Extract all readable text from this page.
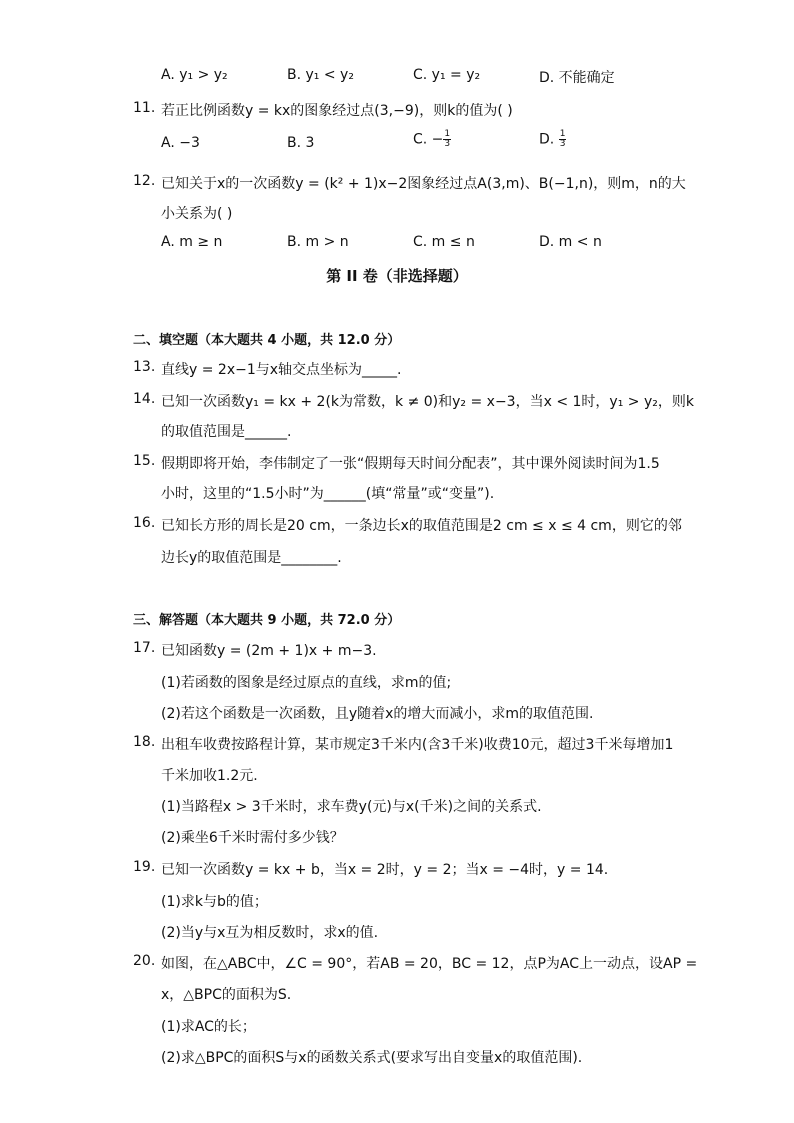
A. y₁ > y₂	B. y₁ < y₂	C. y₁ = y₂	D. 不能确定
11. 若正比例函数y = kx的图象经过点(3,−9)，则k的值为( )
A. −3	B. 3	C. − $\frac{1}{3}$	D. $\frac{1}{3}$
12. 已知关于x的一次函数y = (k² + 1)x−2图象经过点A(3,m)、B(−1,n)，则m，n的大
小关系为( )
A. m ≥ n	B. m > n	C. m ≤ n	D. m < n
第 II 卷（非选择题）
二、填空题（本大题共 4 小题，共 12.0 分）
13. 直线y = 2x−1与x轴交点坐标为_____.
14. 已知一次函数y₁ = kx + 2(k为常数，k ≠ 0)和y₂ = x−3，当x < 1时，y₁ > y₂，则k
的取值范围是______.
15. 假期即将开始，李伟制定了一张“假期每天时间分配表”，其中课外阅读时间为1.5
小时，这里的“1.5小时”为______(填“常量”或“变量”).
16. 已知长方形的周长是20 cm，一条边长x的取值范围是2 cm ≤ x ≤ 4 cm，则它的邻
边长y的取值范围是________.
三、解答题（本大题共 9 小题，共 72.0 分）
17. 已知函数y = (2m + 1)x + m−3.
(1)若函数的图象是经过原点的直线，求m的值;
(2)若这个函数是一次函数，且y随着x的增大而减小，求m的取值范围.
18. 出租车收费按路程计算，某市规定3千米内(含3千米)收费10元，超过3千米每增加1
千米加收1.2元.
(1)当路程x > 3千米时，求车费y(元)与x(千米)之间的关系式.
(2)乘坐6千米时需付多少钱？
19. 已知一次函数y = kx + b，当x = 2时，y = 2；当x = −4时，y = 14.
(1)求k与b的值；
(2)当y与x互为相反数时，求x的值.
20. 如图，在△ABC中，∠C = 90°，若AB = 20，BC = 12，点P为AC上一动点，设AP =
x，△BPC的面积为S.
(1)求AC的长；
(2)求△BPC的面积S与x的函数关系式(要求写出自变量x的取值范围).
